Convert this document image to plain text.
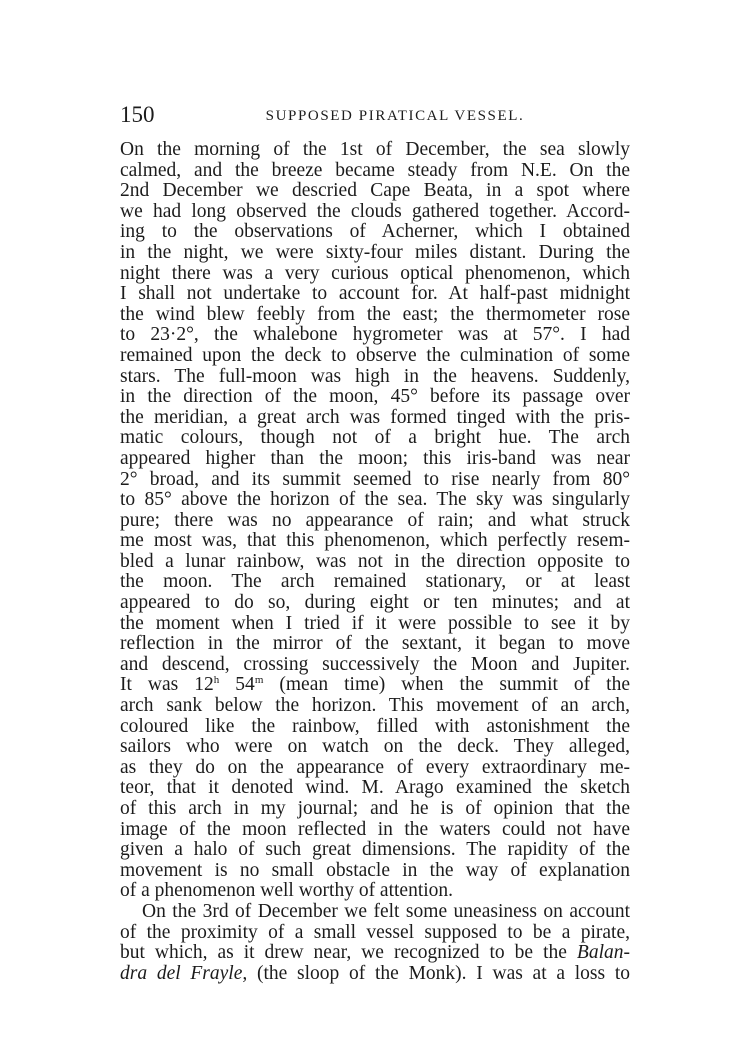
150	SUPPOSED PIRATICAL VESSEL.
On the morning of the 1st of December, the sea slowly
calmed, and the breeze became steady from N.E. On the
2nd December we descried Cape Beata, in a spot where
we had long observed the clouds gathered together. Accord-
ing to the observations of Acherner, which I obtained
in the night, we were sixty-four miles distant. During the
night there was a very curious optical phenomenon, which
I shall not undertake to account for. At half-past midnight
the wind blew feebly from the east; the thermometer rose
to 23·2°, the whalebone hygrometer was at 57°. I had
remained upon the deck to observe the culmination of some
stars. The full-moon was high in the heavens. Suddenly,
in the direction of the moon, 45° before its passage over
the meridian, a great arch was formed tinged with the pris-
matic colours, though not of a bright hue. The arch
appeared higher than the moon; this iris-band was near
2° broad, and its summit seemed to rise nearly from 80°
to 85° above the horizon of the sea. The sky was singularly
pure; there was no appearance of rain; and what struck
me most was, that this phenomenon, which perfectly resem-
bled a lunar rainbow, was not in the direction opposite to
the moon. The arch remained stationary, or at least
appeared to do so, during eight or ten minutes; and at
the moment when I tried if it were possible to see it by
reflection in the mirror of the sextant, it began to move
and descend, crossing successively the Moon and Jupiter.
It was 12$^h$ 54$^m$ (mean time) when the summit of the
arch sank below the horizon. This movement of an arch,
coloured like the rainbow, filled with astonishment the
sailors who were on watch on the deck. They alleged,
as they do on the appearance of every extraordinary me-
teor, that it denoted wind. M. Arago examined the sketch
of this arch in my journal; and he is of opinion that the
image of the moon reflected in the waters could not have
given a halo of such great dimensions. The rapidity of the
movement is no small obstacle in the way of explanation
of a phenomenon well worthy of attention.
On the 3rd of December we felt some uneasiness on account
of the proximity of a small vessel supposed to be a pirate,
but which, as it drew near, we recognized to be the Balan-
dra del Frayle, (the sloop of the Monk). I was at a loss to
